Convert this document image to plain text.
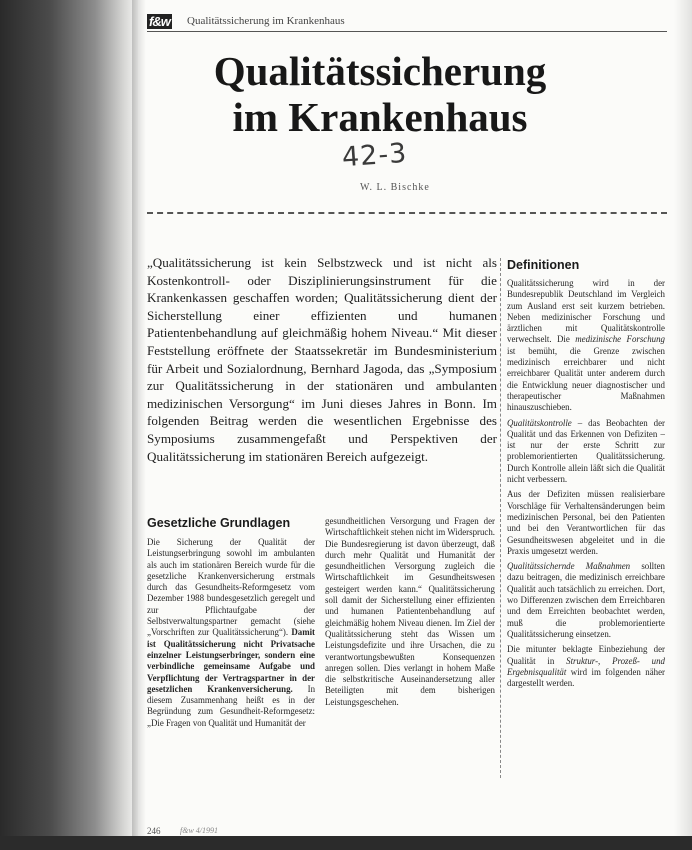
f&w Qualitätssicherung im Krankenhaus
Qualitätssicherung
im Krankenhaus
42-3
W. L. Bischke
„Qualitätssicherung ist kein Selbstzweck und ist nicht als Kostenkontroll- oder Disziplinierungsinstrument für die Krankenkassen geschaffen worden; Qualitätssicherung dient der Sicherstellung einer effizienten und humanen Patientenbehandlung auf gleichmäßig hohem Niveau.“ Mit dieser Feststellung eröffnete der Staatssekretär im Bundesministerium für Arbeit und Sozialordnung, Bernhard Jagoda, das „Symposium zur Qualitätssicherung in der stationären und ambulanten medizinischen Versorgung“ im Juni dieses Jahres in Bonn. Im folgenden Beitrag werden die wesentlichen Ergebnisse des Symposiums zusammengefaßt und Perspektiven der Qualitätssicherung im stationären Bereich aufgezeigt.
Definitionen

Qualitätssicherung wird in der Bundesrepublik Deutschland im Vergleich zum Ausland erst seit kurzem betrieben. Neben medizinischer Forschung und ärztlichen mit Qualitätskontrolle verwechselt. Die medizinische Forschung ist bemüht, die Grenze zwischen medizinisch erreichbarer und nicht erreichbarer Qualität unter anderem durch die Entwicklung neuer diagnostischer und therapeutischer Maßnahmen hinauszuschieben.

Qualitätskontrolle – das Beobachten der Qualität und das Erkennen von Defiziten – ist nur der erste Schritt zur problemorientierten Qualitätssicherung. Durch Kontrolle allein läßt sich die Qualität nicht verbessern.

Aus der Defiziten müssen realisierbare Vorschläge für Verhaltensänderungen beim medizinischen Personal, bei den Patienten und bei den Verantwortlichen für das Gesundheitswesen abgeleitet und in die Praxis umgesetzt werden.

Qualitätssichernde Maßnahmen sollten dazu beitragen, die medizinisch erreichbare Qualität auch tatsächlich zu erreichen. Dort, wo Differenzen zwischen dem Erreichbaren und dem Erreichten beobachtet werden, muß die problemorientierte Qualitätssicherung einsetzen.

Die mitunter beklagte Einbeziehung der Qualität in Struktur-, Prozeß- und Ergebnisqualität wird im folgenden näher dargestellt werden.

Gesetzliche Grundlagen

Die Sicherung der Qualität der Leistungserbringung sowohl im ambulanten als auch im stationären Bereich wurde für die gesetzliche Krankenversicherung erstmals durch das Gesundheits-Reformgesetz vom Dezember 1988 bundesgesetzlich geregelt und zur Pflichtaufgabe der Selbstverwaltungspartner gemacht (siehe „Vorschriften zur Qualitätssicherung“). Damit ist Qualitätssicherung nicht Privatsache einzelner Leistungserbringer, sondern eine verbindliche gemeinsame Aufgabe und Verpflichtung der Vertragspartner in der gesetzlichen Krankenversicherung. In diesem Zusammenhang heißt es in der Begründung zum Gesundheit-Reformgesetz: „Die Fragen von Qualität und Humanität der

gesundheitlichen Versorgung und Fragen der Wirtschaftlichkeit stehen nicht im Widerspruch. Die Bundesregierung ist davon überzeugt, daß durch mehr Qualität und Humanität der gesundheitlichen Versorgung zugleich die Wirtschaftlichkeit im Gesundheitswesen gesteigert werden kann.“ Qualitätssicherung soll damit der Sicherstellung einer effizienten und humanen Patientenbehandlung auf gleichmäßig hohem Niveau dienen. Im Ziel der Qualitätssicherung steht das Wissen um Leistungsdefizite und ihre Ursachen, die zu verantwortungsbewußten Konsequenzen anregen sollen. Dies verlangt in hohem Maße die selbstkritische Auseinandersetzung aller Beteiligten mit dem bisherigen Leistungsgeschehen.

246 f&w 4/1991
